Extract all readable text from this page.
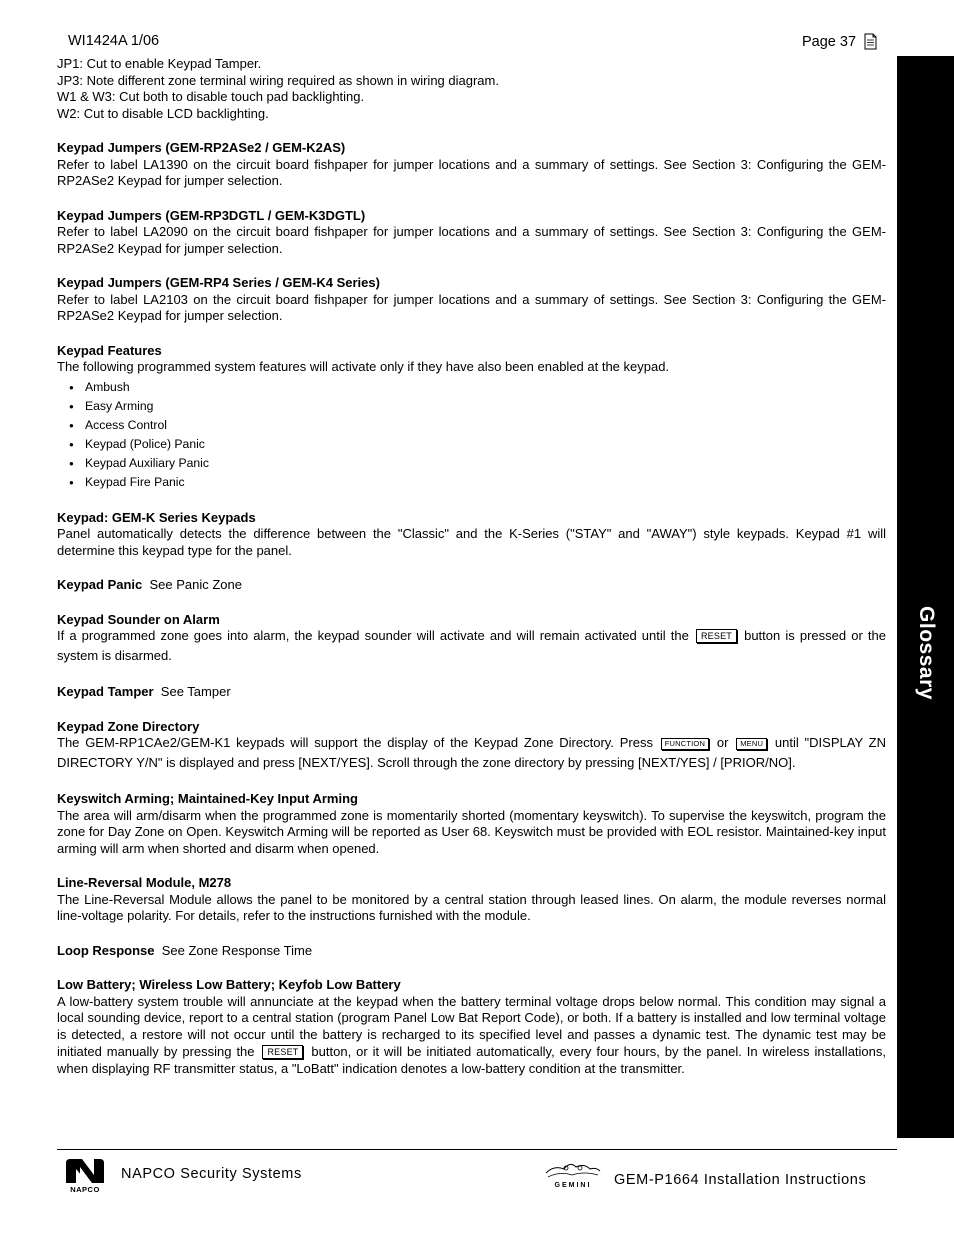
WI1424A 1/06	Page 37
Glossary

JP1: Cut to enable Keypad Tamper.

JP3: Note different zone terminal wiring required as shown in wiring diagram.

W1 & W3: Cut both to disable touch pad backlighting.

W2: Cut to disable LCD backlighting.

Keypad Jumpers (GEM-RP2ASe2 / GEM-K2AS)

Refer to label LA1390 on the circuit board fishpaper for jumper locations and a summary of settings. See Section 3: Configuring the GEM-RP2ASe2 Keypad for jumper selection.

Keypad Jumpers (GEM-RP3DGTL / GEM-K3DGTL)

Refer to label LA2090 on the circuit board fishpaper for jumper locations and a summary of settings. See Section 3: Configuring the GEM-RP2ASe2 Keypad for jumper selection.

Keypad Jumpers (GEM-RP4 Series / GEM-K4 Series)

Refer to label LA2103 on the circuit board fishpaper for jumper locations and a summary of settings. See Section 3: Configuring the GEM-RP2ASe2 Keypad for jumper selection.

Keypad Features

The following programmed system features will activate only if they have also been enabled at the keypad.

● Ambush
● Easy Arming
● Access Control
● Keypad (Police) Panic
● Keypad Auxiliary Panic
● Keypad Fire Panic

Keypad: GEM-K Series Keypads

Panel automatically detects the difference between the "Classic" and the K-Series ("STAY" and "AWAY") style keypads. Keypad #1 will determine this keypad type for the panel.

Keypad Panic  See Panic Zone

Keypad Sounder on Alarm

If a programmed zone goes into alarm, the keypad sounder will activate and will remain activated until the RESET button is pressed or the system is disarmed.

Keypad Tamper  See Tamper

Keypad Zone Directory

The GEM-RP1CAe2/GEM-K1 keypads will support the display of the Keypad Zone Directory. Press FUNCTION or MENU until "DISPLAY ZN DIRECTORY Y/N" is displayed and press [NEXT/YES]. Scroll through the zone directory by pressing [NEXT/YES] / [PRIOR/NO].

Keyswitch Arming; Maintained-Key Input Arming

The area will arm/disarm when the programmed zone is momentarily shorted (momentary keyswitch). To supervise the keyswitch, program the zone for Day Zone on Open. Keyswitch Arming will be reported as User 68. Keyswitch must be provided with EOL resistor. Maintained-key input arming will arm when shorted and disarm when opened.

Line-Reversal Module, M278

The Line-Reversal Module allows the panel to be monitored by a central station through leased lines. On alarm, the module reverses normal line-voltage polarity. For details, refer to the instructions furnished with the module.

Loop Response  See Zone Response Time

Low Battery; Wireless Low Battery; Keyfob Low Battery

A low-battery system trouble will annunciate at the keypad when the battery terminal voltage drops below normal. This condition may signal a local sounding device, report to a central station (program Panel Low Bat Report Code), or both. If a battery is installed and low terminal voltage is detected, a restore will not occur until the battery is recharged to its specified level and passes a dynamic test. The dynamic test may be initiated manually by pressing the RESET button, or it will be initiated automatically, every four hours, by the panel. In wireless installations, when displaying RF transmitter status, a "LoBatt" indication denotes a low-battery condition at the transmitter.

NAPCO
NAPCO Security Systems
GEMINI GEM-P1664 Installation Instructions
